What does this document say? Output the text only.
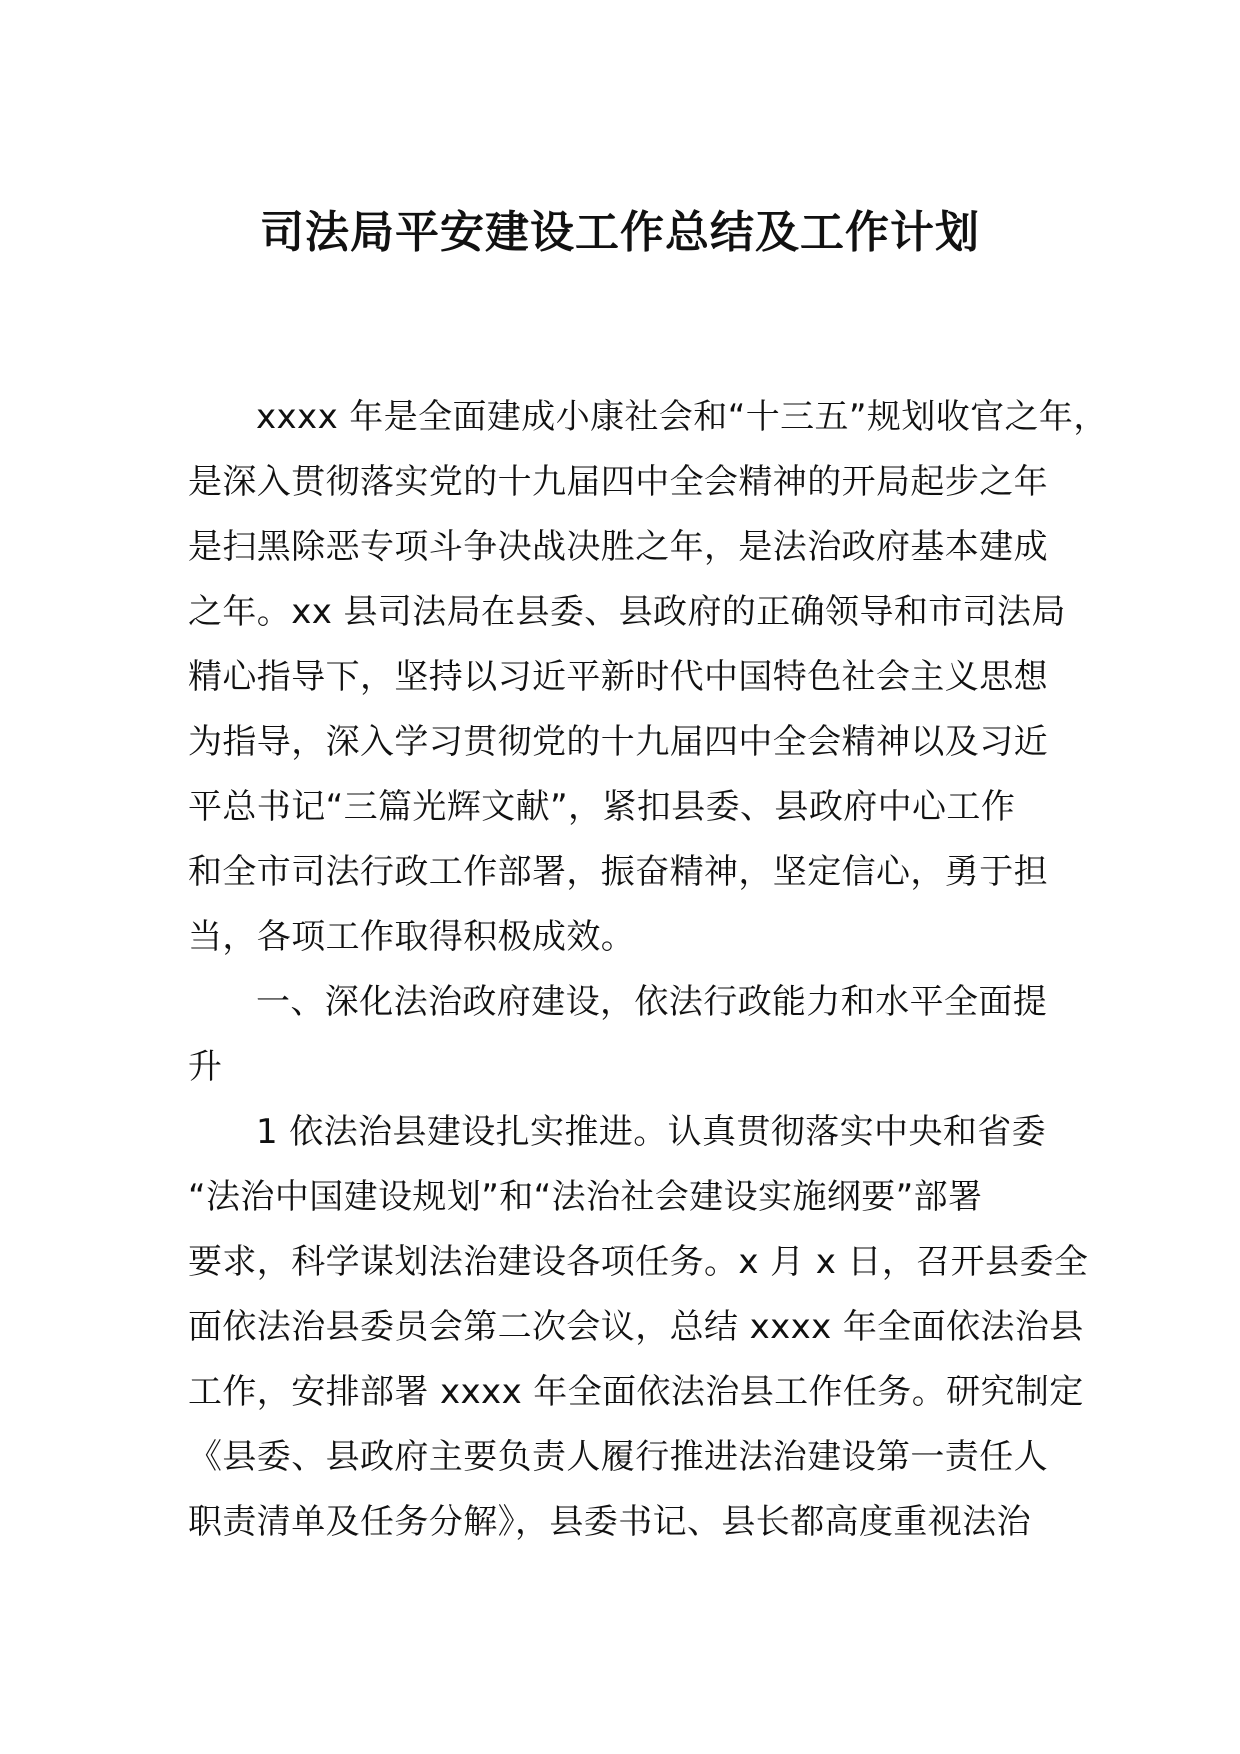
司法局平安建设工作总结及工作计划
xxxx 年是全面建成小康社会和“十三五”规划收官之年，
是深入贯彻落实党的十九届四中全会精神的开局起步之年
是扫黑除恶专项斗争决战决胜之年，是法治政府基本建成
之年。xx 县司法局在县委、县政府的正确领导和市司法局
精心指导下，坚持以习近平新时代中国特色社会主义思想
为指导，深入学习贯彻党的十九届四中全会精神以及习近
平总书记“三篇光辉文献”，紧扣县委、县政府中心工作
和全市司法行政工作部署，振奋精神，坚定信心，勇于担
当，各项工作取得积极成效。
一、深化法治政府建设，依法行政能力和水平全面提
升
1 依法治县建设扎实推进。认真贯彻落实中央和省委
“法治中国建设规划”和“法治社会建设实施纲要”部署
要求，科学谋划法治建设各项任务。x 月 x 日，召开县委全
面依法治县委员会第二次会议，总结 xxxx 年全面依法治县
工作，安排部署 xxxx 年全面依法治县工作任务。研究制定
《县委、县政府主要负责人履行推进法治建设第一责任人
职责清单及任务分解》，县委书记、县长都高度重视法治
